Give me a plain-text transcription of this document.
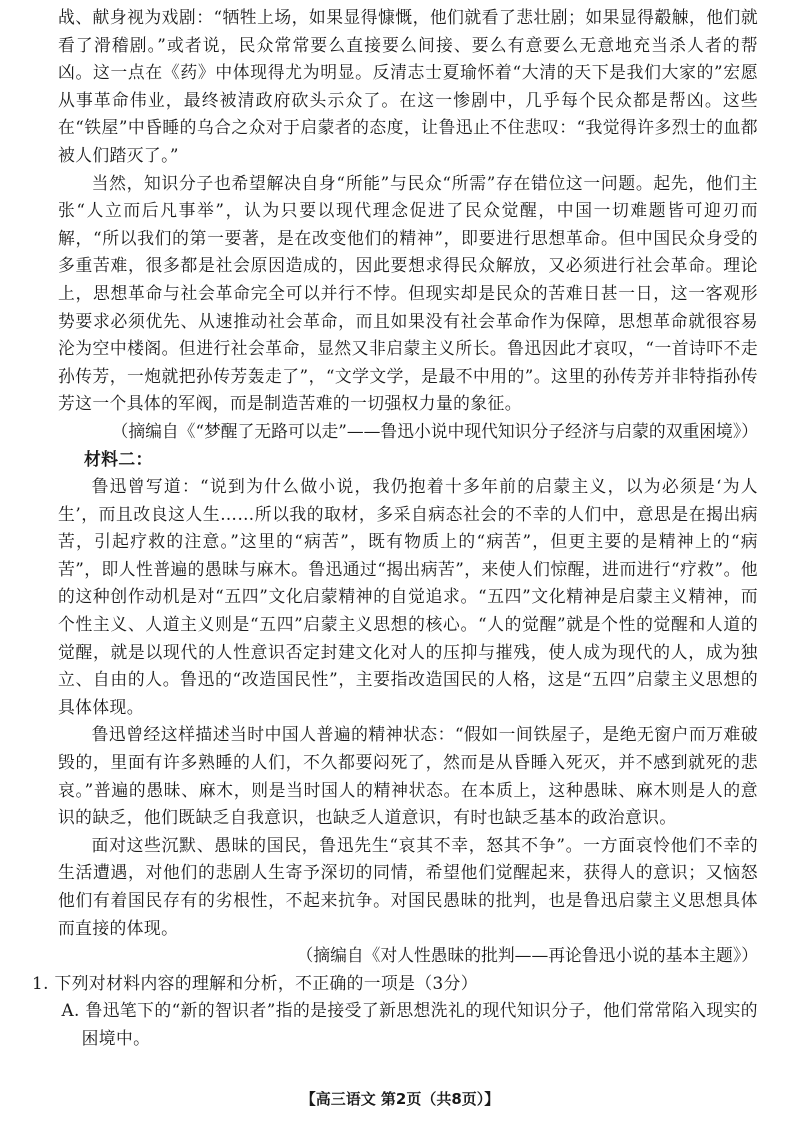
战、献身视为戏剧：“牺牲上场，如果显得慷慨，他们就看了悲壮剧；如果显得觳觫，他们就看了滑稽剧。”或者说，民众常常要么直接要么间接、要么有意要么无意地充当杀人者的帮凶。这一点在《药》中体现得尤为明显。反清志士夏瑜怀着“大清的天下是我们大家的”宏愿从事革命伟业，最终被清政府砍头示众了。在这一惨剧中，几乎每个民众都是帮凶。这些在“铁屋”中昏睡的乌合之众对于启蒙者的态度，让鲁迅止不住悲叹：“我觉得许多烈士的血都被人们踏灭了。”

当然，知识分子也希望解决自身“所能”与民众“所需”存在错位这一问题。起先，他们主张“人立而后凡事举”，认为只要以现代理念促进了民众觉醒，中国一切难题皆可迎刃而解，“所以我们的第一要著，是在改变他们的精神”，即要进行思想革命。但中国民众身受的多重苦难，很多都是社会原因造成的，因此要想求得民众解放，又必须进行社会革命。理论上，思想革命与社会革命完全可以并行不悖。但现实却是民众的苦难日甚一日，这一客观形势要求必须优先、从速推动社会革命，而且如果没有社会革命作为保障，思想革命就很容易沦为空中楼阁。但进行社会革命，显然又非启蒙主义所长。鲁迅因此才哀叹，“一首诗吓不走孙传芳，一炮就把孙传芳轰走了”，“文学文学，是最不中用的”。这里的孙传芳并非特指孙传芳这一个具体的军阀，而是制造苦难的一切强权力量的象征。

（摘编自《“梦醒了无路可以走”——鲁迅小说中现代知识分子经济与启蒙的双重困境》）

材料二：

鲁迅曾写道：“说到为什么做小说，我仍抱着十多年前的启蒙主义，以为必须是‘为人生’，而且改良这人生……所以我的取材，多采自病态社会的不幸的人们中，意思是在揭出病苦，引起疗救的注意。”这里的“病苦”，既有物质上的“病苦”，但更主要的是精神上的“病苦”，即人性普遍的愚昧与麻木。鲁迅通过“揭出病苦”，来使人们惊醒，进而进行“疗救”。他的这种创作动机是对“五四”文化启蒙精神的自觉追求。“五四”文化精神是启蒙主义精神，而个性主义、人道主义则是“五四”启蒙主义思想的核心。“人的觉醒”就是个性的觉醒和人道的觉醒，就是以现代的人性意识否定封建文化对人的压抑与摧残，使人成为现代的人，成为独立、自由的人。鲁迅的“改造国民性”，主要指改造国民的人格，这是“五四”启蒙主义思想的具体体现。

鲁迅曾经这样描述当时中国人普遍的精神状态：“假如一间铁屋子，是绝无窗户而万难破毁的，里面有许多熟睡的人们，不久都要闷死了，然而是从昏睡入死灭，并不感到就死的悲哀。”普遍的愚昧、麻木，则是当时国人的精神状态。在本质上，这种愚昧、麻木则是人的意识的缺乏，他们既缺乏自我意识，也缺乏人道意识，有时也缺乏基本的政治意识。

面对这些沉默、愚昧的国民，鲁迅先生“哀其不幸，怒其不争”。一方面哀怜他们不幸的生活遭遇，对他们的悲剧人生寄予深切的同情，希望他们觉醒起来，获得人的意识；又恼怒他们有着国民存有的劣根性，不起来抗争。对国民愚昧的批判，也是鲁迅启蒙主义思想具体而直接的体现。

（摘编自《对人性愚昧的批判——再论鲁迅小说的基本主题》）

1. 下列对材料内容的理解和分析，不正确的一项是（3分）

A. 鲁迅笔下的“新的智识者”指的是接受了新思想洗礼的现代知识分子，他们常常陷入现实的困境中。

【高三语文 第2页（共8页）】
